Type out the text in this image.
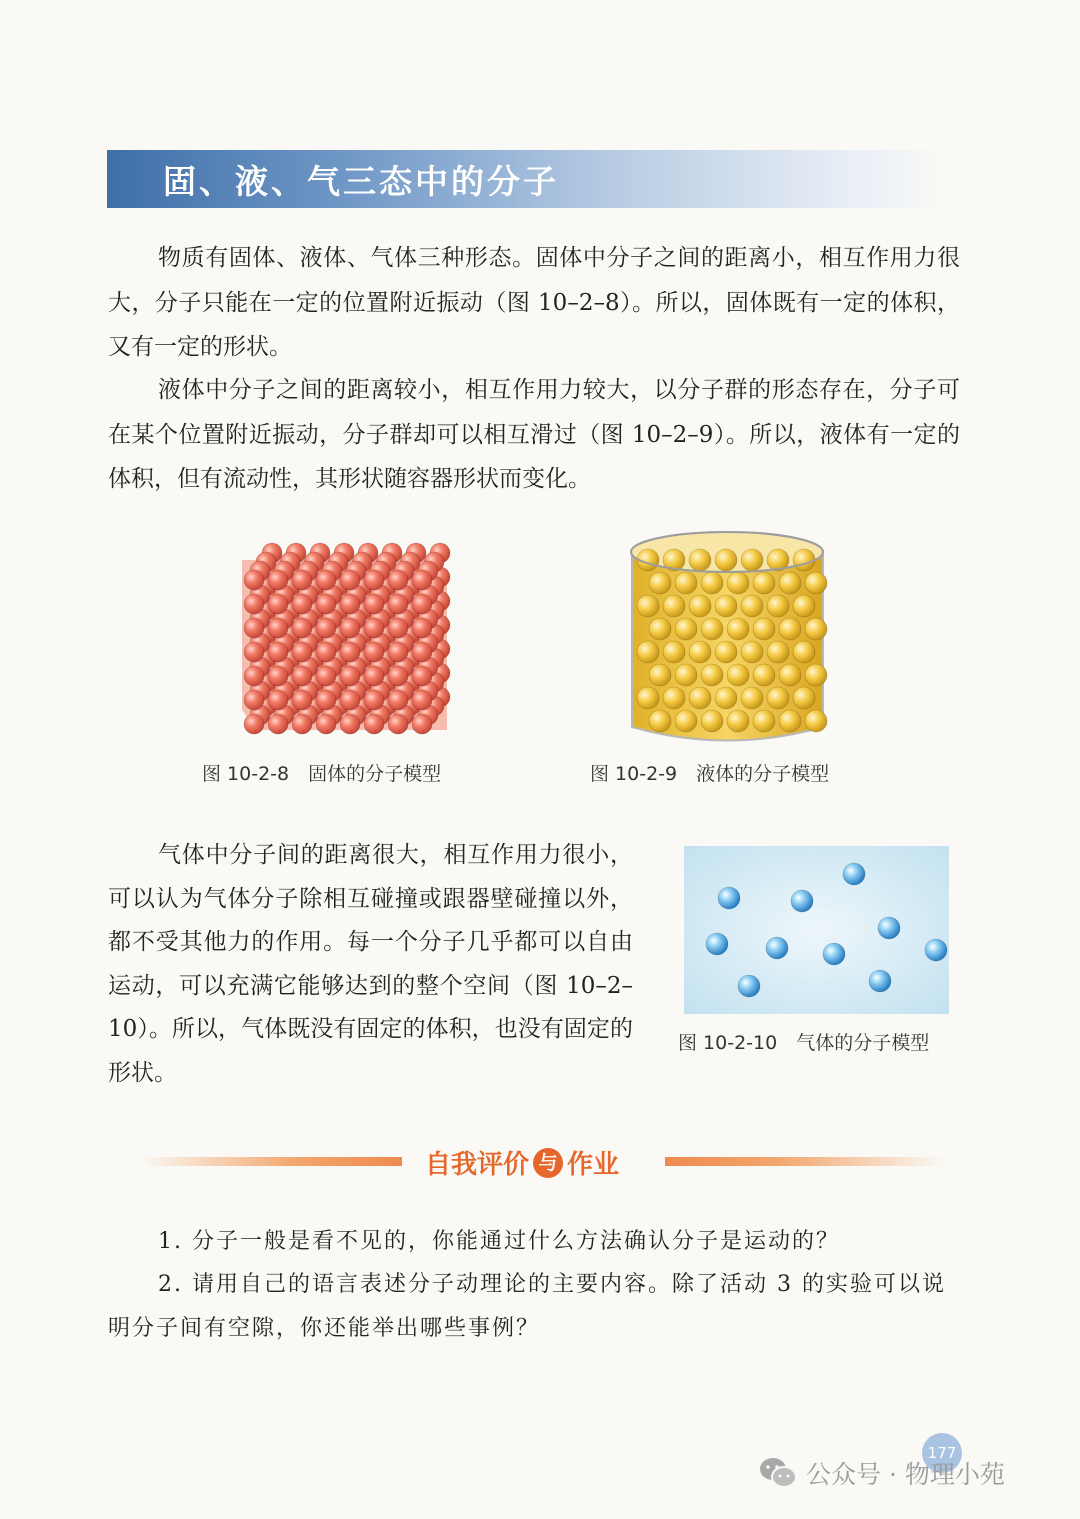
固、液、气三态中的分子

物质有固体、液体、气体三种形态。固体中分子之间的距离小，相互作用力很大，分子只能在一定的位置附近振动（图 10–2–8）。所以，固体既有一定的体积，又有一定的形状。

液体中分子之间的距离较小，相互作用力较大，以分子群的形态存在，分子可在某个位置附近振动，分子群却可以相互滑过（图 10–2–9）。所以，液体有一定的体积，但有流动性，其形状随容器形状而变化。

图 10-2-8　固体的分子模型	图 10-2-9　液体的分子模型

气体中分子间的距离很大，相互作用力很小，可以认为气体分子除相互碰撞或跟器壁碰撞以外，都不受其他力的作用。每一个分子几乎都可以自由运动，可以充满它能够达到的整个空间（图 10–2–10）。所以，气体既没有固定的体积，也没有固定的形状。

图 10-2-10　气体的分子模型
自我评价 与 作业

1. 分子一般是看不见的，你能通过什么方法确认分子是运动的？

2. 请用自己的语言表述分子动理论的主要内容。除了活动 3 的实验可以说明分子间有空隙，你还能举出哪些事例？

177
公众号 · 物理小苑
